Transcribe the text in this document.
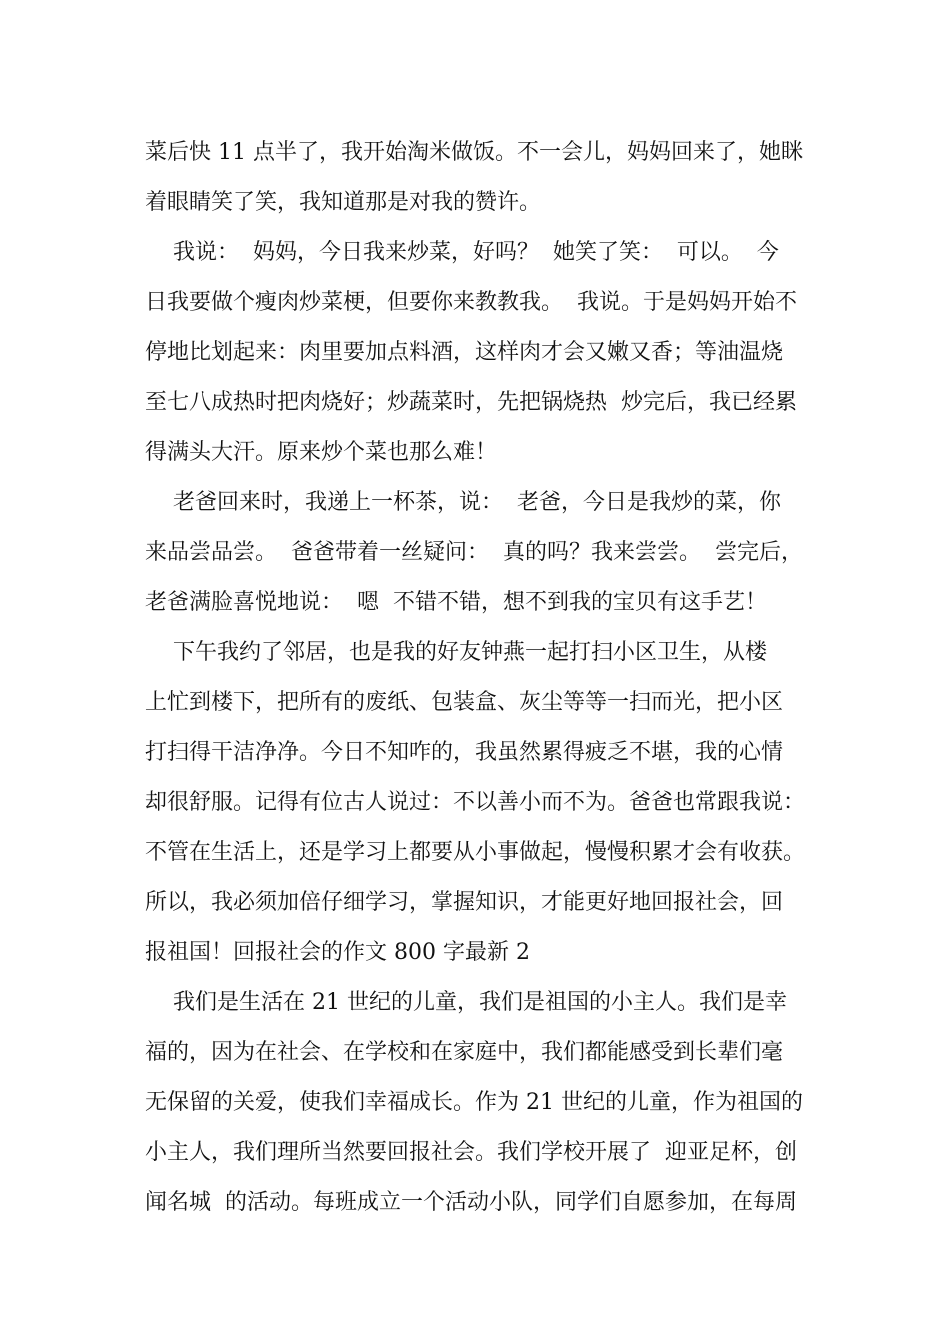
菜后快 11 点半了，我开始淘米做饭。不一会儿，妈妈回来了，她眯
着眼睛笑了笑，我知道那是对我的赞许。
我说：  妈妈，今日我来炒菜，好吗？  她笑了笑：  可以。  今
日我要做个瘦肉炒菜梗，但要你来教教我。  我说。于是妈妈开始不
停地比划起来：肉里要加点料酒，这样肉才会又嫩又香；等油温烧
至七八成热时把肉烧好；炒蔬菜时，先把锅烧热  炒完后，我已经累
得满头大汗。原来炒个菜也那么难！
老爸回来时，我递上一杯茶，说：  老爸，今日是我炒的菜，你
来品尝品尝。  爸爸带着一丝疑问：  真的吗？我来尝尝。  尝完后，
老爸满脸喜悦地说：  嗯  不错不错，想不到我的宝贝有这手艺！
下午我约了邻居，也是我的好友钟燕一起打扫小区卫生，从楼
上忙到楼下，把所有的废纸、包装盒、灰尘等等一扫而光，把小区
打扫得干洁净净。今日不知咋的，我虽然累得疲乏不堪，我的心情
却很舒服。记得有位古人说过：不以善小而不为。爸爸也常跟我说：
不管在生活上，还是学习上都要从小事做起，慢慢积累才会有收获。
所以，我必须加倍仔细学习，掌握知识，才能更好地回报社会，回
报祖国！回报社会的作文 800 字最新 2
我们是生活在 21 世纪的儿童，我们是祖国的小主人。我们是幸
福的，因为在社会、在学校和在家庭中，我们都能感受到长辈们毫
无保留的关爱，使我们幸福成长。作为 21 世纪的儿童，作为祖国的
小主人，我们理所当然要回报社会。我们学校开展了  迎亚足杯，创
闻名城  的活动。每班成立一个活动小队，同学们自愿参加，在每周
